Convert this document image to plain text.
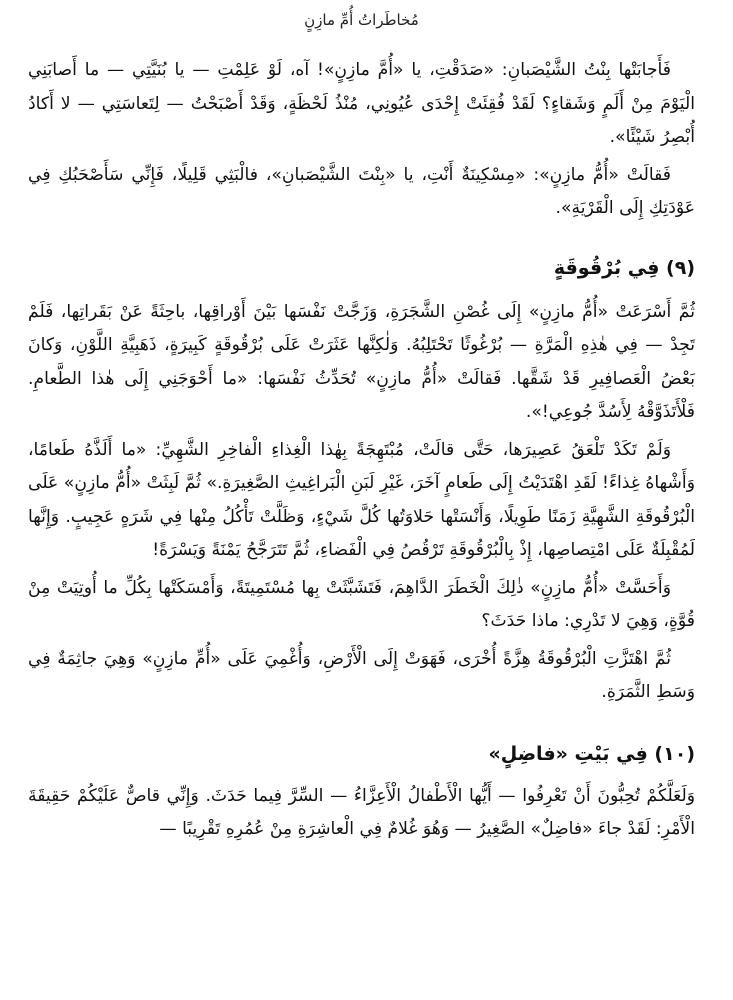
مُخاطَراتُ أُمِّ مازِنٍ

فَأَجابَتْها بِنْتُ الشَّيْصَبانِ: «صَدَقْتِ، يا «أُمَّ مازِنٍ»! آه، لَوْ عَلِمْتِ — يا بُنَيَّتِي — ما أَصابَنِي الْيَوْمَ مِنْ أَلَمٍ وَشَقاءٍ؟ لَقَدْ فُقِئَتْ إِحْدَى عُيُونِي، مُنْذُ لَحْظَةٍ، وَقَدْ أَصْبَحْتُ — لِتَعاسَتِي — لا أَكادُ أُبْصِرُ شَيْئًا».

فَقالَتْ «أُمُّ مازِنٍ»: «مِسْكِينَةٌ أَنْتِ، يا «بِنْتَ الشَّيْصَبانِ»، فالْبَثِي قَلِيلًا، فَإِنِّي سَأَصْحَبُكِ فِي عَوْدَتِكِ إِلَى الْقَرْيَةِ».

(٩) فِي بُرْقُوقَةٍ

ثُمَّ أَسْرَعَتْ «أُمُّ مازِنٍ» إِلَى غُصْنِ الشَّجَرَةِ، وَزَجَّتْ نَفْسَها بَيْنَ أَوْراقِها، باحِثَةً عَنْ بَقَراتِها، فَلَمْ تَجِدْ — فِي هٰذِهِ الْمَرَّةِ — بُرْغُوثًا تَحْتَلِبُهُ. وَلٰكِنَّها عَثَرَتْ عَلَى بُرْقُوقَةٍ كَبِيرَةٍ، ذَهَبِيَّةِ اللَّوْنِ، وَكانَ بَعْضُ الْعَصافِيرِ قَدْ شَقَّها. فَقالَتْ «أُمُّ مازِنٍ» تُحَدِّثُ نَفْسَها: «ما أَحْوَجَنِي إِلَى هٰذا الطَّعامِ. فَلْأَتَذَوَّقْهُ لِأَسُدَّ جُوعِي!».

وَلَمْ تَكَدْ تَلْعَقُ عَصِيرَها، حَتَّى قالَتْ، مُبْتَهِجَةً بِهٰذا الْغِذاءِ الْفاخِرِ الشَّهِيِّ: «ما أَلَذَّهُ طَعامًا، وَأَشْهاهُ غِذاءً! لَقَدِ اهْتَدَيْتُ إِلَى طَعامٍ آخَرَ، غَيْرِ لَبَنِ الْبَراغِيثِ الصَّغِيرَةِ.» ثُمَّ لَبِثَتْ «أُمُّ مازِنٍ» عَلَى الْبُرْقُوقَةِ الشَّهِيَّةِ زَمَنًا طَوِيلًا، وَأَنْسَتْها حَلاوَتُها كُلَّ شَيْءٍ، وَظَلَّتْ تَأْكُلُ مِنْها فِي شَرَهٍ عَجِيبٍ. وَإِنَّها لَمُقْبِلَةٌ عَلَى امْتِصاصِها، إِذْ بِالْبُرْقُوقَةِ تَرْقُصُ فِي الْفَضاءِ، ثُمَّ تَتَرَجَّحُ يَمْنَةً وَيَسْرَةً!

وَأَحَسَّتْ «أُمُّ مازِنٍ» ذٰلِكَ الْخَطَرَ الدَّاهِمَ، فَتَشَبَّثَتْ بِها مُسْتَمِيتَةً، وَأَمْسَكَتْها بِكُلِّ ما أُوتِيَتْ مِنْ قُوَّةٍ، وَهِيَ لا تَدْرِي: ماذا حَدَثَ؟

ثُمَّ اهْتَزَّتِ الْبُرْقُوقَةُ هِزَّةً أُخْرَى، فَهَوَتْ إِلَى الْأَرْضِ، وَأُغْمِيَ عَلَى «أُمِّ مازِنٍ» وَهِيَ جاثِمَةٌ فِي وَسَطِ الثَّمَرَةِ.

(١٠) فِي بَيْتِ «فاضِلٍ»

وَلَعَلَّكُمْ تُحِبُّونَ أَنْ تَعْرِفُوا — أَيُّها الْأَطْفالُ الْأَعِزَّاءُ — السِّرَّ فِيما حَدَثَ. وَإِنِّي قاصٌّ عَلَيْكُمْ حَقِيقَةَ الْأَمْرِ: لَقَدْ جاءَ «فاضِلٌ» الصَّغِيرُ — وَهُوَ غُلامٌ فِي الْعاشِرَةِ مِنْ عُمُرِهِ تَقْرِيبًا —
